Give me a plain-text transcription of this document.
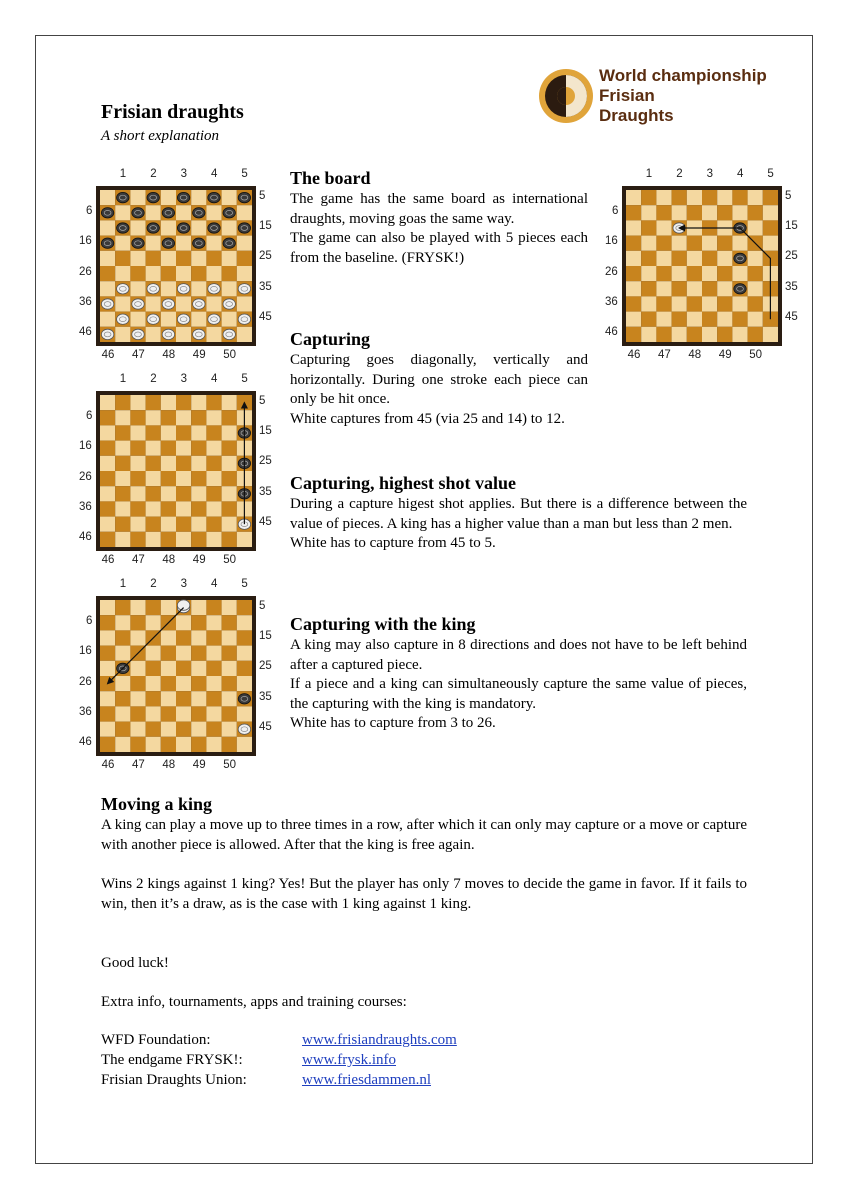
Frisian draughts
A short explanation
World championship
Frisian
Draughts
The board
The game has the same board as international draughts, moving goas the same way.
The game can also be played with 5 pieces each from the baseline. (FRYSK!)
Capturing
Capturing goes diagonally, vertically and horizontally. During one stroke each piece can only be hit once.
White captures from 45 (via 25 and 14) to 12.
Capturing, highest shot value
During a capture higest shot applies. But there is a difference between the value of pieces. A king has a higher value than a man but less than 2 men.
White has to capture from 45 to 5.
Capturing with the king
A king may also capture in 8 directions and does not have to be left behind after a captured piece.
If a piece and a king can simultaneously capture the same value of pieces, the capturing with the king is mandatory.
White has to capture from 3 to 26.
Moving a king
A king can play a move up to three times in a row, after which it can only may capture or a move or capture with another piece is allowed. After that the king is free again.
Wins 2 kings against 1 king? Yes! But the player has only 7 moves to decide the game in favor. If it fails to win, then it’s a draw, as is the case with 1 king against 1 king.
Good luck!
Extra info, tournaments, apps and training courses:
WFD Foundation:	www.frisiandraughts.com
The endgame FRYSK!:	www.frysk.info
Frisian Draughts Union:	www.friesdammen.nl
1 2 3 4 5
46 47 48 49 50
6
16
26
36
46
5
15
25
35
45
1 2 3 4 5
46 47 48 49 50
6
16
26
36
46
5
15
25
35
45
1 2 3 4 5
46 47 48 49 50
6
16
26
36
46
5
15
25
35
45
1 2 3 4 5
46 47 48 49 50
6
16
26
36
46
5
15
25
35
45
